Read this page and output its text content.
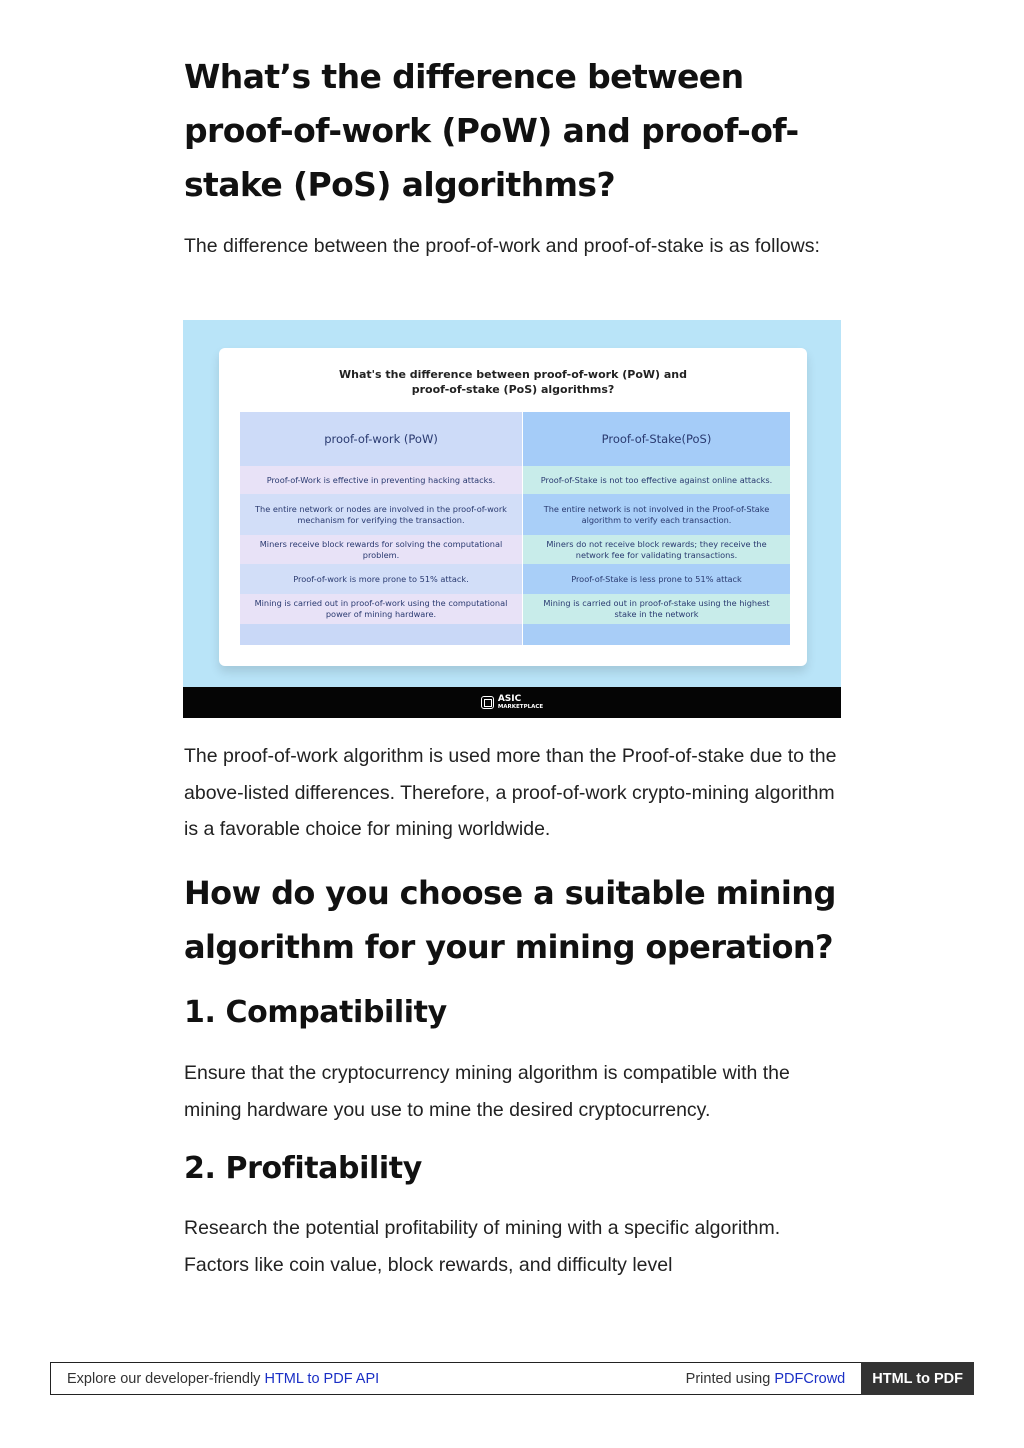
What’s the difference between proof-of-work (PoW) and proof-of-stake (PoS) algorithms?

The difference between the proof-of-work and proof-of-stake is as follows:

What's the difference between proof-of-work (PoW) and
proof-of-stake (PoS) algorithms?
proof-of-work (PoW)
Proof-of-Work is effective in preventing hacking attacks.
The entire network or nodes are involved in the proof-of-work mechanism for verifying the transaction.
Miners receive block rewards for solving the computational problem.
Proof-of-work is more prone to 51% attack.
Mining is carried out in proof-of-work using the computational power of mining hardware.
Proof-of-Stake(PoS)
Proof-of-Stake is not too effective against online attacks.
The entire network is not involved in the Proof-of-Stake algorithm to verify each transaction.
Miners do not receive block rewards; they receive the network fee for validating transactions.
Proof-of-Stake is less prone to 51% attack
Mining is carried out in proof-of-stake using the highest stake in the network
ASIC
MARKETPLACE

The proof-of-work algorithm is used more than the Proof-of-stake due to the above-listed differences. Therefore, a proof-of-work crypto-mining algorithm is a favorable choice for mining worldwide.

How do you choose a suitable mining algorithm for your mining operation?
1. Compatibility

Ensure that the cryptocurrency mining algorithm is compatible with the mining hardware you use to mine the desired cryptocurrency.

2. Profitability

Research the potential profitability of mining with a specific algorithm. Factors like coin value, block rewards, and difficulty level

Explore our developer-friendly HTML to PDF API	Printed using PDFCrowd	HTML to PDF
